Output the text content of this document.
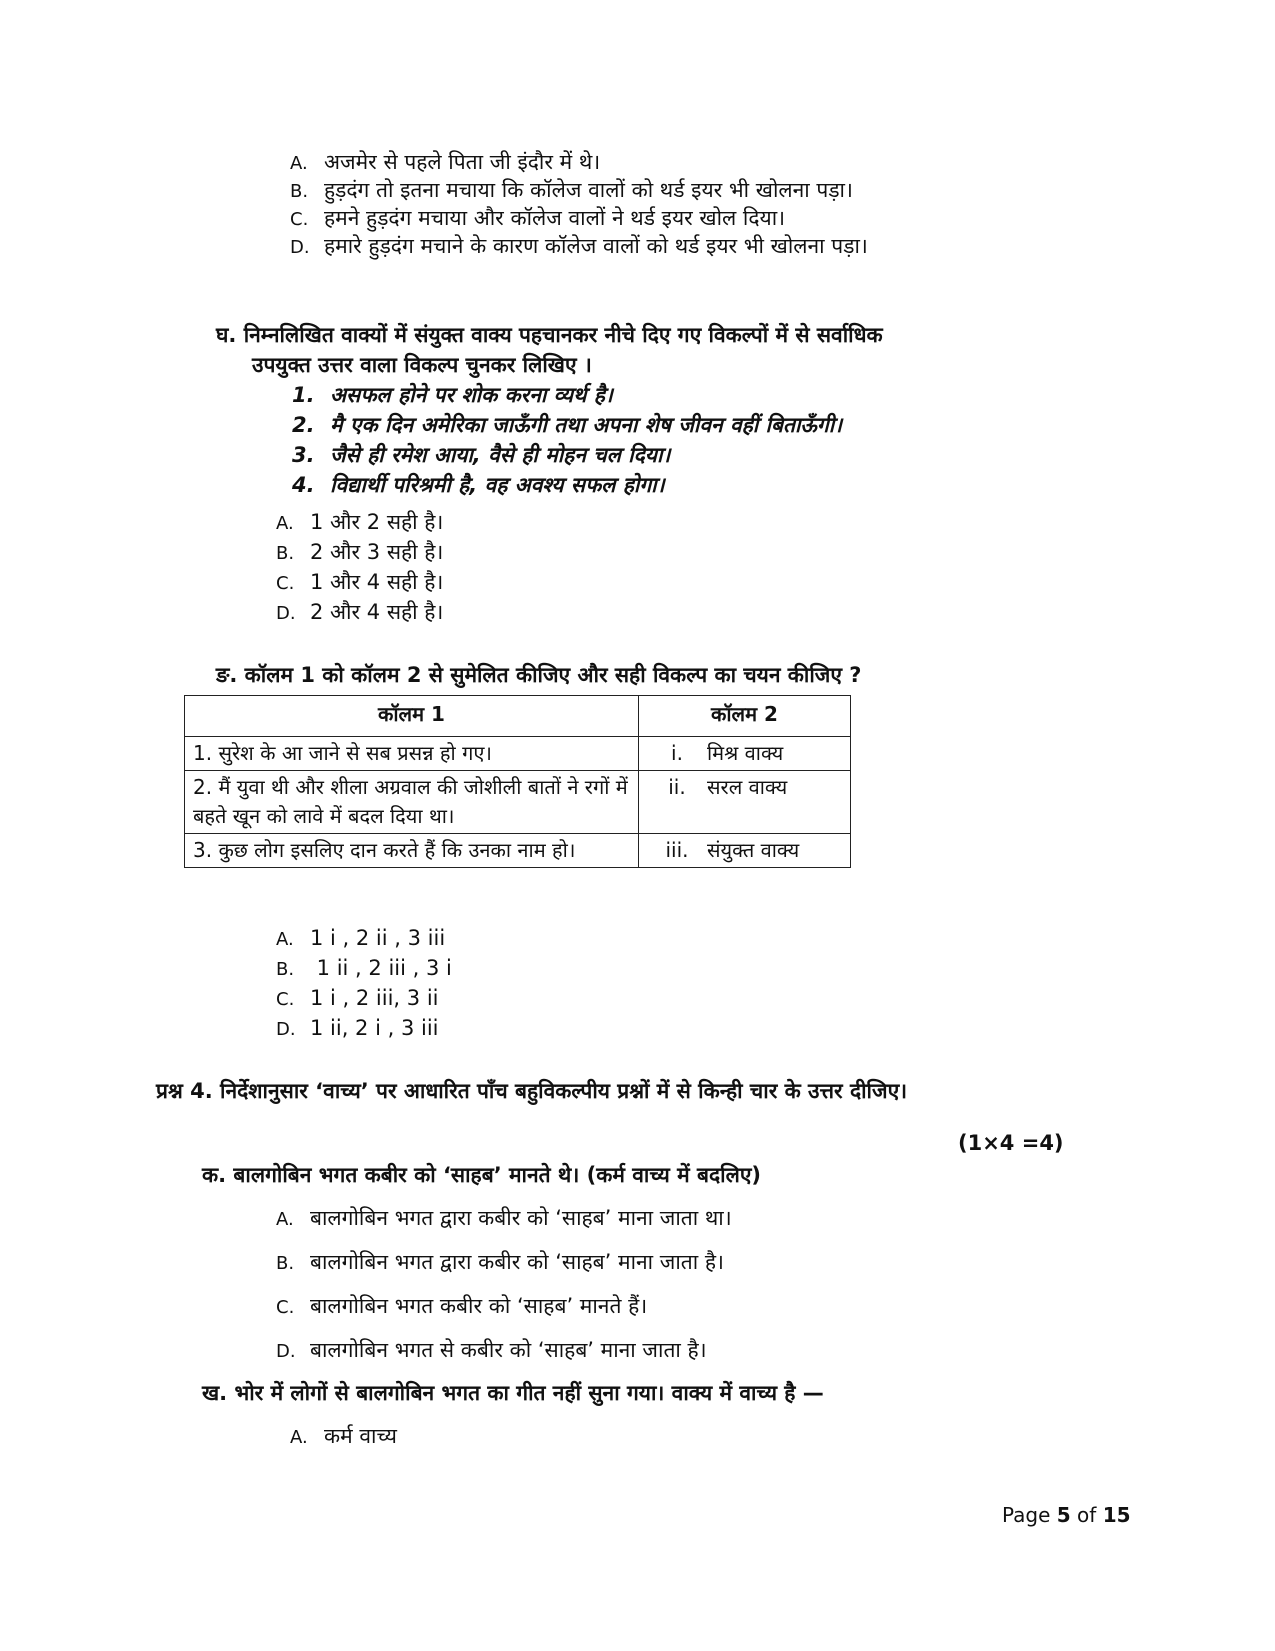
A. अजमेर से पहले पिता जी इंदौर में थे।
B. हुड़दंग तो इतना मचाया कि कॉलेज वालों को थर्ड इयर भी खोलना पड़ा।
C. हमने हुड़दंग मचाया और कॉलेज वालों ने थर्ड इयर खोल दिया।
D. हमारे हुड़दंग मचाने के कारण कॉलेज वालों को थर्ड इयर भी खोलना पड़ा।
घ. निम्नलिखित वाक्यों में संयुक्त वाक्य पहचानकर नीचे दिए गए विकल्पों में से सर्वाधिक
उपयुक्त उत्तर वाला विकल्प चुनकर लिखिए ।
1. असफल होने पर शोक करना व्यर्थ है।
2. मै एक दिन अमेरिका जाऊँगी तथा अपना शेष जीवन वहीं बिताऊँगी।
3. जैसे ही रमेश आया, वैसे ही मोहन चल दिया।
4. विद्यार्थी परिश्रमी है, वह अवश्य सफल होगा।
A. 1 और 2 सही है।
B. 2 और 3 सही है।
C. 1 और 4 सही है।
D. 2 और 4 सही है।
ङ. कॉलम 1 को कॉलम 2 से सुमेलित कीजिए और सही विकल्प का चयन कीजिए ?
कॉलम 1	कॉलम 2
1. सुरेश के आ जाने से सब प्रसन्न हो गए।	i. मिश्र वाक्य
2. मैं युवा थी और शीला अग्रवाल की जोशीली बातों ने रगों में बहते खून को लावे में बदल दिया था।	ii. सरल वाक्य
3. कुछ लोग इसलिए दान करते हैं कि उनका नाम हो।	iii. संयुक्त वाक्य
A. 1 i , 2 ii , 3 iii
B. 1 ii , 2 iii , 3 i
C. 1 i , 2 iii, 3 ii
D. 1 ii, 2 i , 3 iii
प्रश्न 4. निर्देशानुसार ‘वाच्य’ पर आधारित पाँच बहुविकल्पीय प्रश्नों में से किन्ही चार के उत्तर दीजिए।
(1×4 =4)
क. बालगोबिन भगत कबीर को ‘साहब’ मानते थे। (कर्म वाच्य में बदलिए)
A. बालगोबिन भगत द्वारा कबीर को ‘साहब’ माना जाता था।
B. बालगोबिन भगत द्वारा कबीर को ‘साहब’ माना जाता है।
C. बालगोबिन भगत कबीर को ‘साहब’ मानते हैं।
D. बालगोबिन भगत से कबीर को ‘साहब’ माना जाता है।
ख. भोर में लोगों से बालगोबिन भगत का गीत नहीं सुना गया। वाक्य में वाच्य है —
A. कर्म वाच्य
Page 5 of 15
